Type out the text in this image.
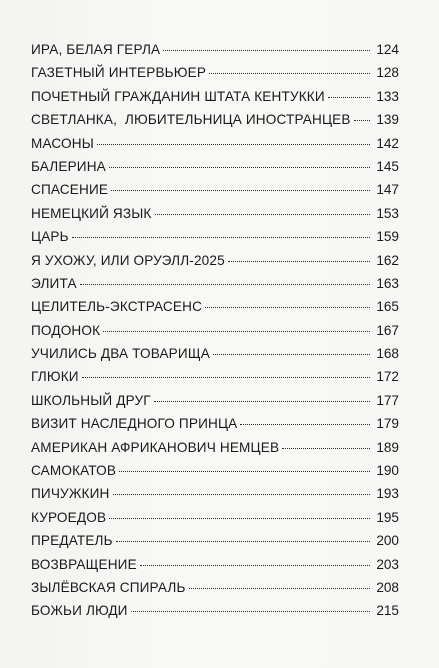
ИРА, БЕЛАЯ ГЕРЛА	124
ГАЗЕТНЫЙ ИНТЕРВЬЮЕР	128
ПОЧЕТНЫЙ ГРАЖДАНИН ШТАТА КЕНТУККИ	133
СВЕТЛАНКА,  ЛЮБИТЕЛЬНИЦА ИНОСТРАНЦЕВ 139
МАСОНЫ	142
БАЛЕРИНА	145
СПАСЕНИЕ	147
НЕМЕЦКИЙ ЯЗЫК	153
ЦАРЬ	159
Я УХОЖУ, ИЛИ ОРУЭЛЛ-2025	162
ЭЛИТА	163
ЦЕЛИТЕЛЬ-ЭКСТРАСЕНС	165
ПОДОНОК	167
УЧИЛИСЬ ДВА ТОВАРИЩА	168
ГЛЮКИ	172
ШКОЛЬНЫЙ ДРУГ	177
ВИЗИТ НАСЛЕДНОГО ПРИНЦА	179
АМЕРИКАН АФРИКАНОВИЧ НЕМЦЕВ	189
САМОКАТОВ	190
ПИЧУЖКИН	193
КУРОЕДОВ	195
ПРЕДАТЕЛЬ	200
ВОЗВРАЩЕНИЕ	203
ЗЫЛЁВСКАЯ СПИРАЛЬ	208
БОЖЬИ ЛЮДИ	215
